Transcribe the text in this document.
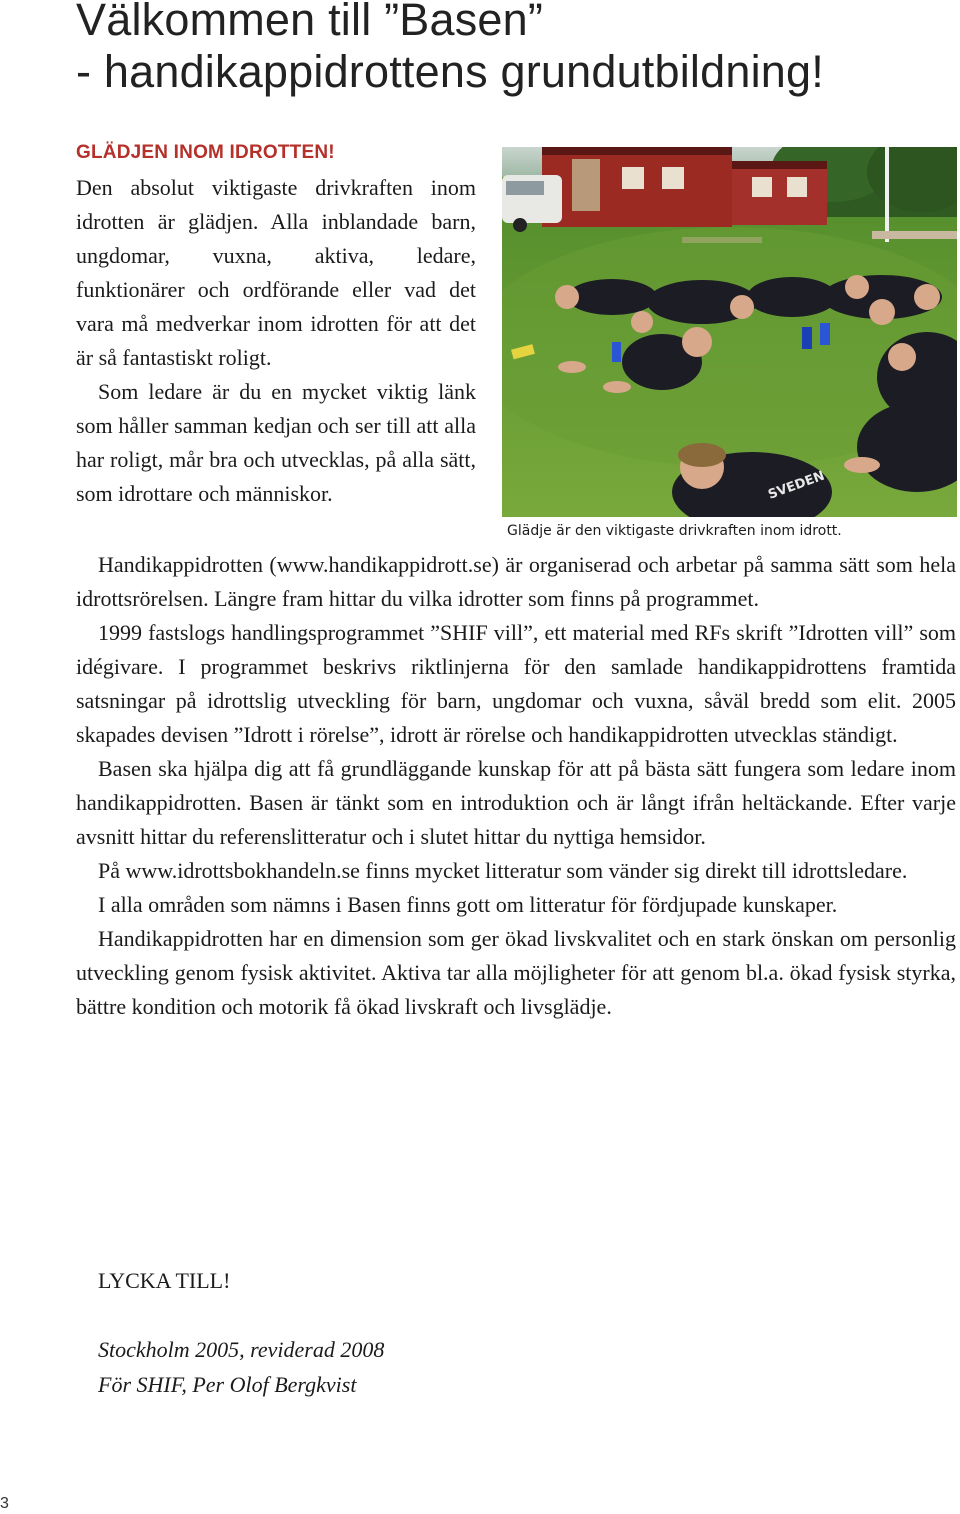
Välkommen till ”Basen”
- handikappidrottens grundutbildning!
GLÄDJEN INOM IDROTTEN!

Den absolut viktigaste drivkraften inom idrotten är glädjen. Alla inblandade barn, ungdomar, vuxna, aktiva, ledare, funktionärer och ordförande eller vad det vara må medverkar inom idrotten för att det är så fantastiskt roligt.

Som ledare är du en mycket viktig länk som håller samman kedjan och ser till att alla har roligt, mår bra och utvecklas, på alla sätt, som idrottare och människor.	SVEDEN
Glädje är den viktigaste drivkraften inom idrott.

Handikappidrotten (www.handikappidrott.se) är organiserad och arbetar på samma sätt som hela idrottsrörelsen. Längre fram hittar du vilka idrotter som finns på programmet.

1999 fastslogs handlingsprogrammet ”SHIF vill”, ett material med RFs skrift ”Idrotten vill” som idégivare. I programmet beskrivs riktlinjerna för den samlade handikappidrottens framtida satsningar på idrottslig utveckling för barn, ungdomar och vuxna, såväl bredd som elit. 2005 skapades devisen ”Idrott i rörelse”, idrott är rörelse och handikappidrotten utvecklas ständigt.

Basen ska hjälpa dig att få grundläggande kunskap för att på bästa sätt fungera som ledare inom handikappidrotten. Basen är tänkt som en introduktion och är långt ifrån heltäckande. Efter varje avsnitt hittar du referenslitteratur och i slutet hittar du nyttiga hemsidor.

På www.idrottsbokhandeln.se finns mycket litteratur som vänder sig direkt till idrottsledare.

I alla områden som nämns i Basen finns gott om litteratur för fördjupade kunskaper.

Handikappidrotten har en dimension som ger ökad livskvalitet och en stark önskan om personlig utveckling genom fysisk aktivitet. Aktiva tar alla möjligheter för att genom bl.a. ökad fysisk styrka, bättre kondition och motorik få ökad livskraft och livsglädje.

LYCKA TILL!
Stockholm 2005, reviderad 2008
För SHIF, Per Olof Bergkvist
3
